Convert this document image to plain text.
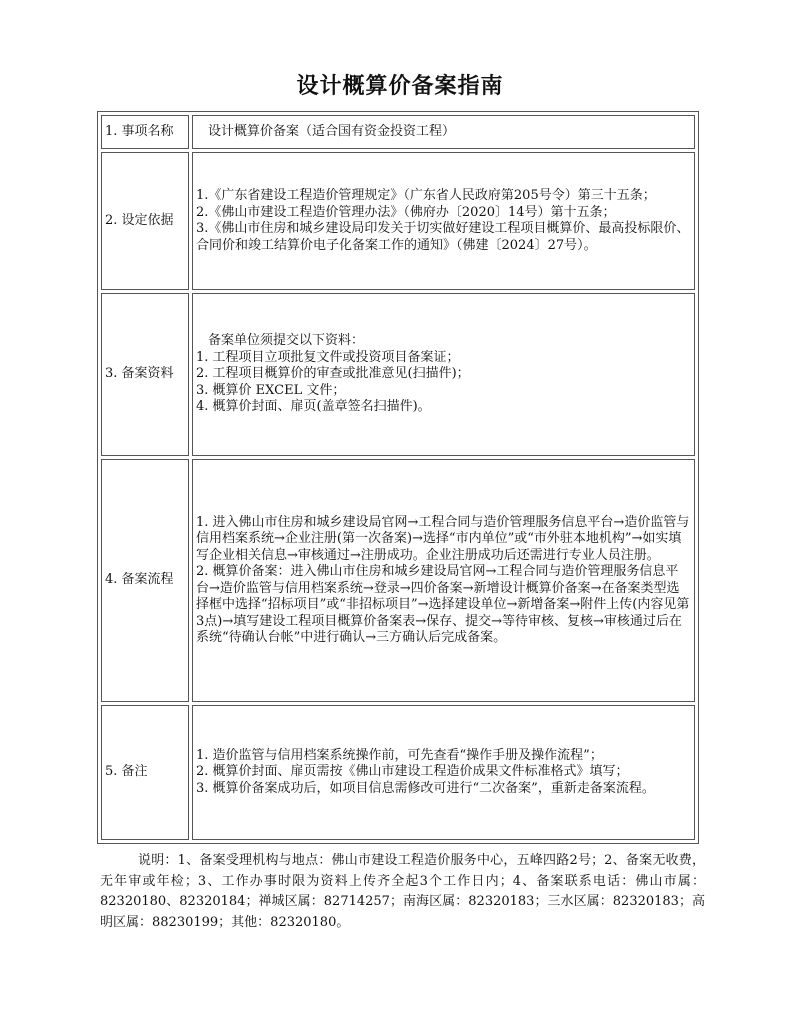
设计概算价备案指南
1. 事项名称	设计概算价备案（适合国有资金投资工程）

2. 设定依据	1.《广东省建设工程造价管理规定》（广东省人民政府第205号令）第三十五条；
2.《佛山市建设工程造价管理办法》（佛府办〔2020〕14号）第十五条；
3.《佛山市住房和城乡建设局印发关于切实做好建设工程项目概算价、最高投标限价、合同价和竣工结算价电子化备案工作的通知》（佛建〔2024〕27号）。

3. 备案资料	备案单位须提交以下资料：
1. 工程项目立项批复文件或投资项目备案证；
2. 工程项目概算价的审查或批准意见(扫描件)；
3. 概算价 EXCEL 文件；
4. 概算价封面、扉页(盖章签名扫描件)。

4. 备案流程	1. 进入佛山市住房和城乡建设局官网→工程合同与造价管理服务信息平台→造价监管与信用档案系统→企业注册(第一次备案)→选择“市内单位”或“市外驻本地机构”→如实填写企业相关信息→审核通过→注册成功。企业注册成功后还需进行专业人员注册。
2. 概算价备案：进入佛山市住房和城乡建设局官网→工程合同与造价管理服务信息平台→造价监管与信用档案系统→登录→四价备案→新增设计概算价备案→在备案类型选择框中选择“招标项目”或“非招标项目”→选择建设单位→新增备案→附件上传(内容见第3点)→填写建设工程项目概算价备案表→保存、提交→等待审核、复核→审核通过后在系统“待确认台帐”中进行确认→三方确认后完成备案。

5. 备注	1. 造价监管与信用档案系统操作前，可先查看“操作手册及操作流程”；
2. 概算价封面、扉页需按《佛山市建设工程造价成果文件标准格式》填写；
3. 概算价备案成功后，如项目信息需修改可进行“二次备案”，重新走备案流程。

说明：1、备案受理机构与地点：佛山市建设工程造价服务中心，五峰四路2号；2、备案无收费，无年审或年检；3、工作办事时限为资料上传齐全起3个工作日内；4、备案联系电话：佛山市属：82320180、82320184；禅城区属：82714257；南海区属：82320183；三水区属：82320183；高明区属：88230199；其他：82320180。
